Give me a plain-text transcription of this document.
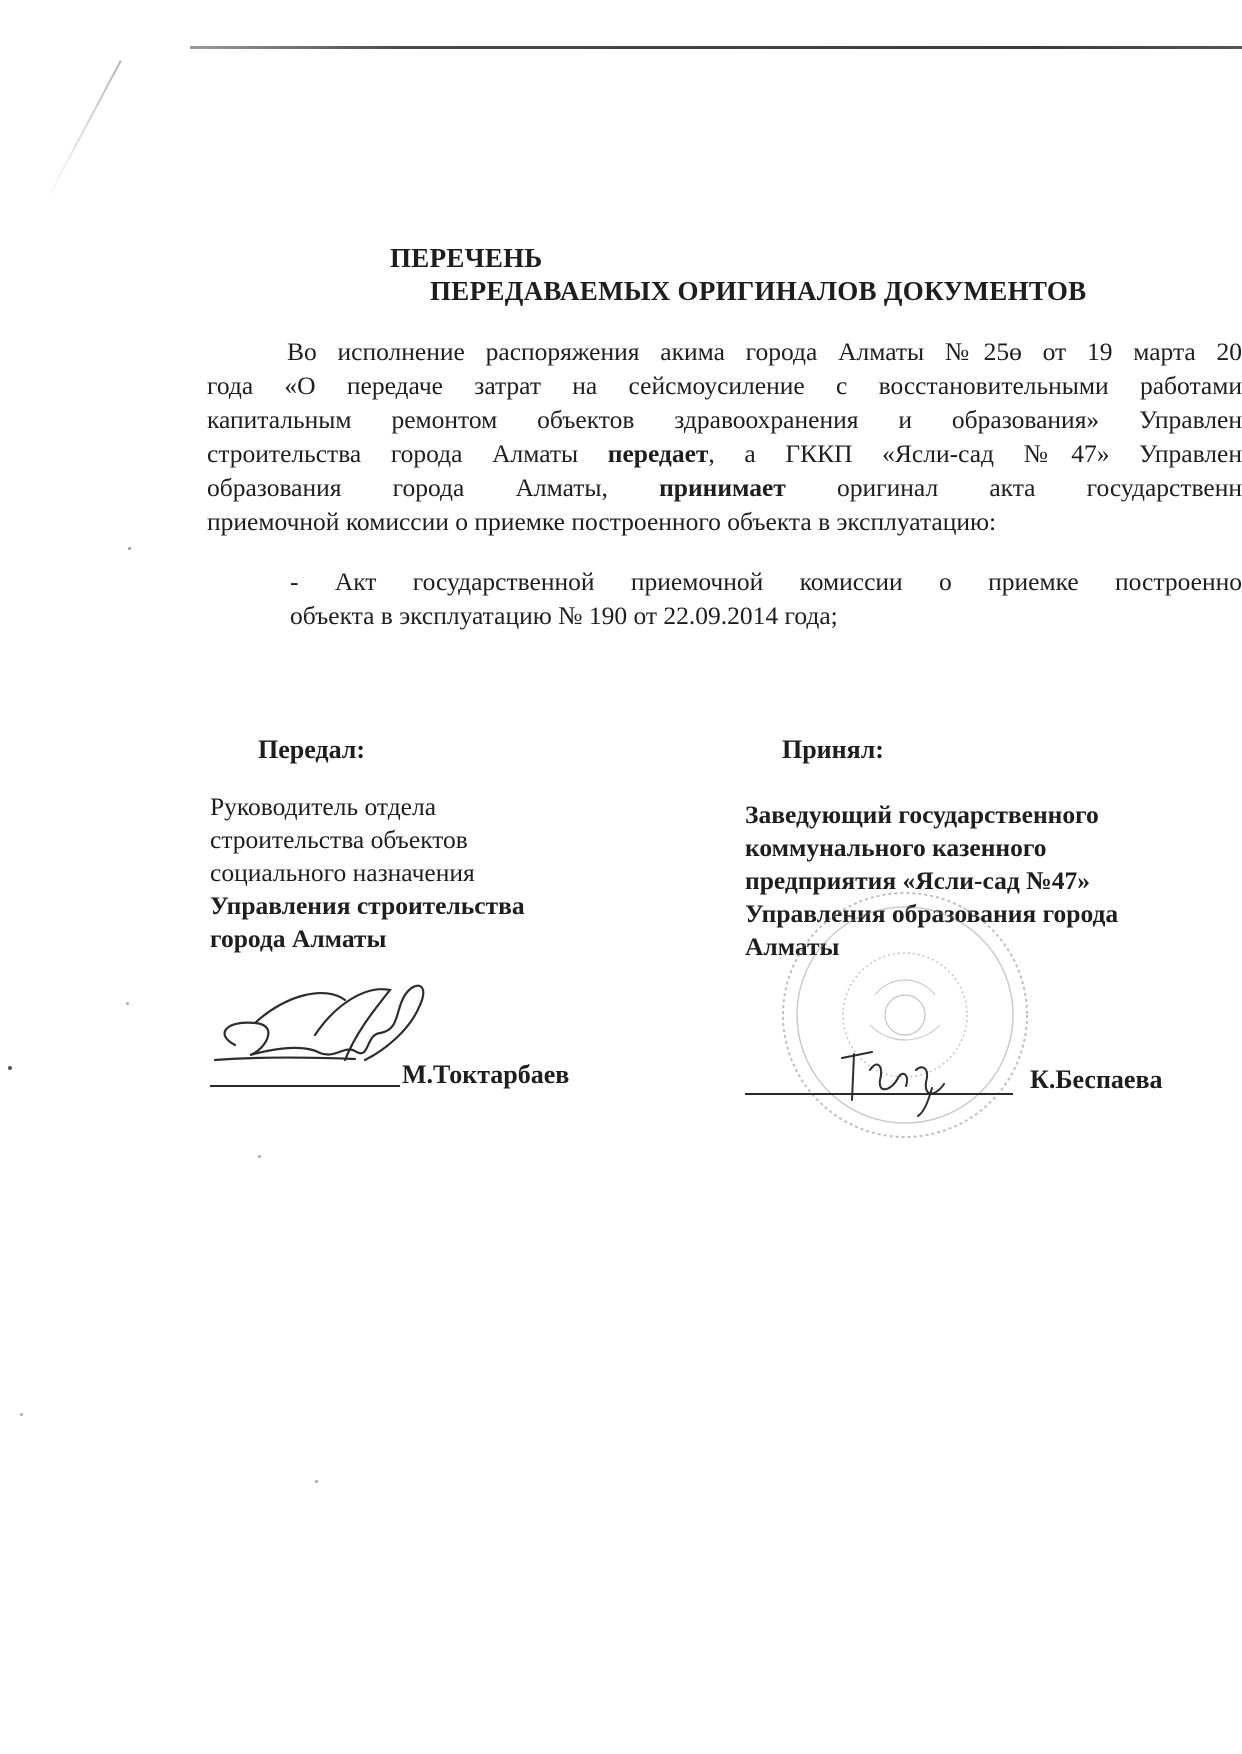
ПЕРЕЧЕНЬ
ПЕРЕДАВАЕМЫХ ОРИГИНАЛОВ ДОКУМЕНТОВ
Во исполнение распоряжения акима города Алматы №25ө от 19 марта 20
года «О передаче затрат на сейсмоусиление с восстановительными работами
капитальным ремонтом объектов здравоохранения и образования» Управлен
строительства города Алматы передает, а ГККП «Ясли-сад №47» Управлен
образования города Алматы, принимает оригинал акта государственн
приемочной комиссии о приемке построенного объекта в эксплуатацию:
- Акт государственной приемочной комиссии о приемке построенно
объекта в эксплуатацию № 190 от 22.09.2014 года;
Передал:
Руководитель отдела
строительства объектов
социального назначения
Управления строительства
города Алматы
М.Токтарбаев
Принял:
Заведующий государственного
коммунального казенного
предприятия «Ясли-сад №47»
Управления образования города
Алматы
К.Беспаева
